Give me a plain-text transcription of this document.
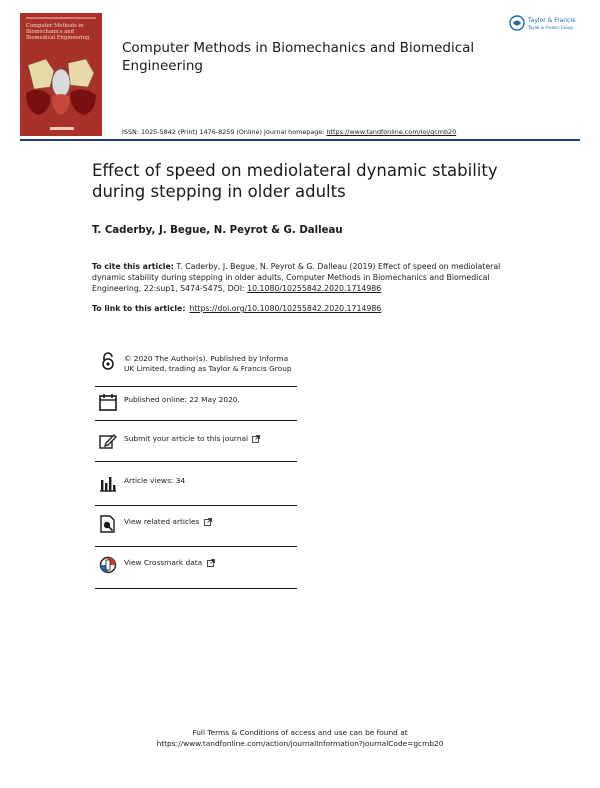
Computer Methods in Biomechanics and Biomedical Engineering
Computer Methods in Biomechanics and Biomedical Engineering
Taylor & Francis
Taylor & Francis Group
ISSN: 1025-5842 (Print) 1476-8259 (Online) Journal homepage: https://www.tandfonline.com/loi/gcmb20
Effect of speed on mediolateral dynamic stability during stepping in older adults
T. Caderby, J. Begue, N. Peyrot & G. Dalleau
To cite this article: T. Caderby, J. Begue, N. Peyrot & G. Dalleau (2019) Effect of speed on mediolateral dynamic stability during stepping in older adults, Computer Methods in Biomechanics and Biomedical Engineering, 22:sup1, S474-S475, DOI: 10.1080/10255842.2020.1714986
To link to this article: https://doi.org/10.1080/10255842.2020.1714986
© 2020 The Author(s). Published by Informa UK Limited, trading as Taylor & Francis Group
Published online: 22 May 2020.
Submit your article to this journal
Article views: 34
View related articles
View Crossmark data
Full Terms & Conditions of access and use can be found at
https://www.tandfonline.com/action/journalInformation?journalCode=gcmb20
